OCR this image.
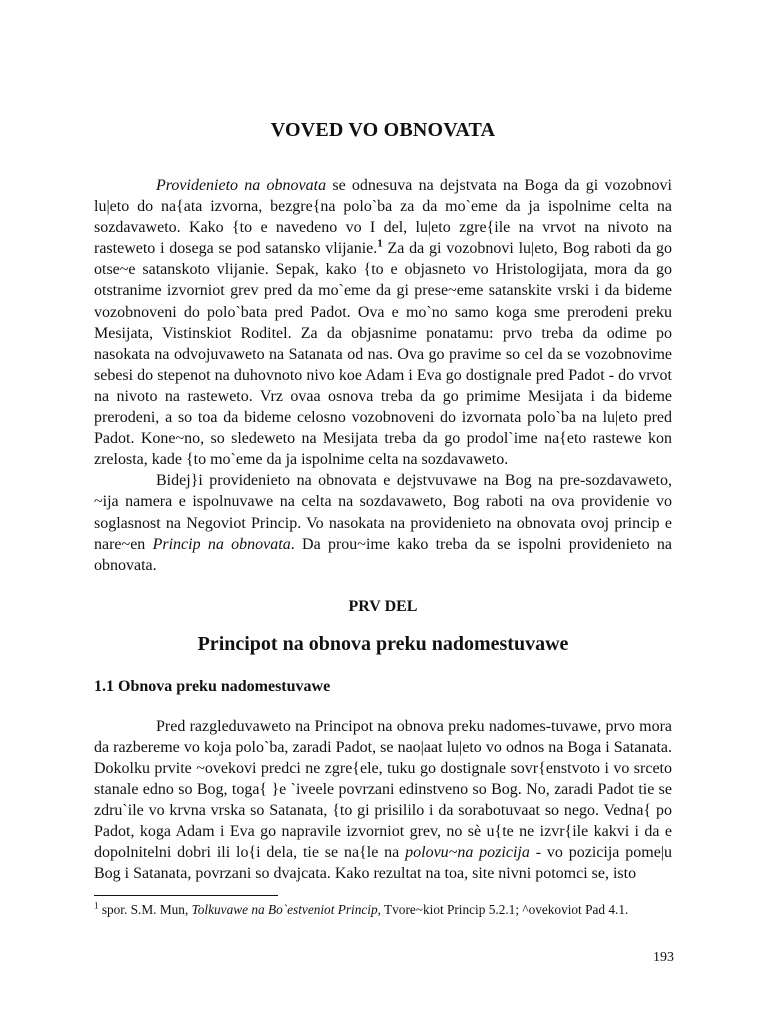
VOVED VO OBNOVATA

Providenieto na obnovata se odnesuva na dejstvata na Boga da gi vozobnovi lu|eto do na{ata izvorna, bezgre{na polo`ba za da mo`eme da ja ispolnime celta na sozdavaweto. Kako {to e navedeno vo I del, lu|eto zgre{ile na vrvot na nivoto na rasteweto i dosega se pod satansko vlijanie.$^1$ Za da gi vozobnovi lu|eto, Bog raboti da go otse~e satanskoto vlijanie. Sepak, kako {to e objasneto vo Hristologijata, mora da go otstranime izvorniot grev pred da mo`eme da gi prese~eme satanskite vrski i da bideme vozobnoveni do polo`bata pred Padot. Ova e mo`no samo koga sme prerodeni preku Mesijata, Vistinskiot Roditel. Za da objasnime ponatamu: prvo treba da odime po nasokata na odvojuvaweto na Satanata od nas. Ova go pravime so cel da se vozobnovime sebesi do stepenot na duhovnoto nivo koe Adam i Eva go dostignale pred Padot - do vrvot na nivoto na rasteweto. Vrz ovaa osnova treba da go primime Mesijata i da bideme prerodeni, a so toa da bideme celosno vozobnoveni do izvornata polo`ba na lu|eto pred Padot. Kone~no, so sledeweto na Mesijata treba da go prodol`ime na{eto rastewe kon zrelosta, kade {to mo`eme da ja ispolnime celta na sozdavaweto.

Bidej}i providenieto na obnovata e dejstvuvawe na Bog na pre-sozdavaweto, ~ija namera e ispolnuvawe na celta na sozdavaweto, Bog raboti na ova providenie vo soglasnost na Negoviot Princip. Vo nasokata na providenieto na obnovata ovoj princip e nare~en Princip na obnovata. Da prou~ime kako treba da se ispolni providenieto na obnovata.

PRV DEL
Principot na obnova preku nadomestuvawe
1.1 Obnova preku nadomestuvawe

Pred razgleduvaweto na Principot na obnova preku nadomes-tuvawe, prvo mora da razbereme vo koja polo`ba, zaradi Padot, se nao|aat lu|eto vo odnos na Boga i Satanata. Dokolku prvite ~ovekovi predci ne zgre{ele, tuku go dostignale sovr{enstvoto i vo srceto stanale edno so Bog, toga{ }e `iveele povrzani edinstveno so Bog. No, zaradi Padot tie se zdru`ile vo krvna vrska so Satanata, {to gi prisililo i da sorabotuvaat so nego. Vedna{ po Padot, koga Adam i Eva go napravile izvorniot grev, no sè u{te ne izvr{ile kakvi i da e dopolnitelni dobri ili lo{i dela, tie se na{le na polovи~na pozicija - vo pozicija pome|u Bog i Satanata, povrzani so dvajcata. Kako rezultat na toa, site nivni potomci se, isto

$^1$ spor. S.M. Mun, Tolkuvawe na Bo`estveniot Princip, Tvore~kiot Princip 5.2.1; ^ovekoviot Pad 4.1.
193
